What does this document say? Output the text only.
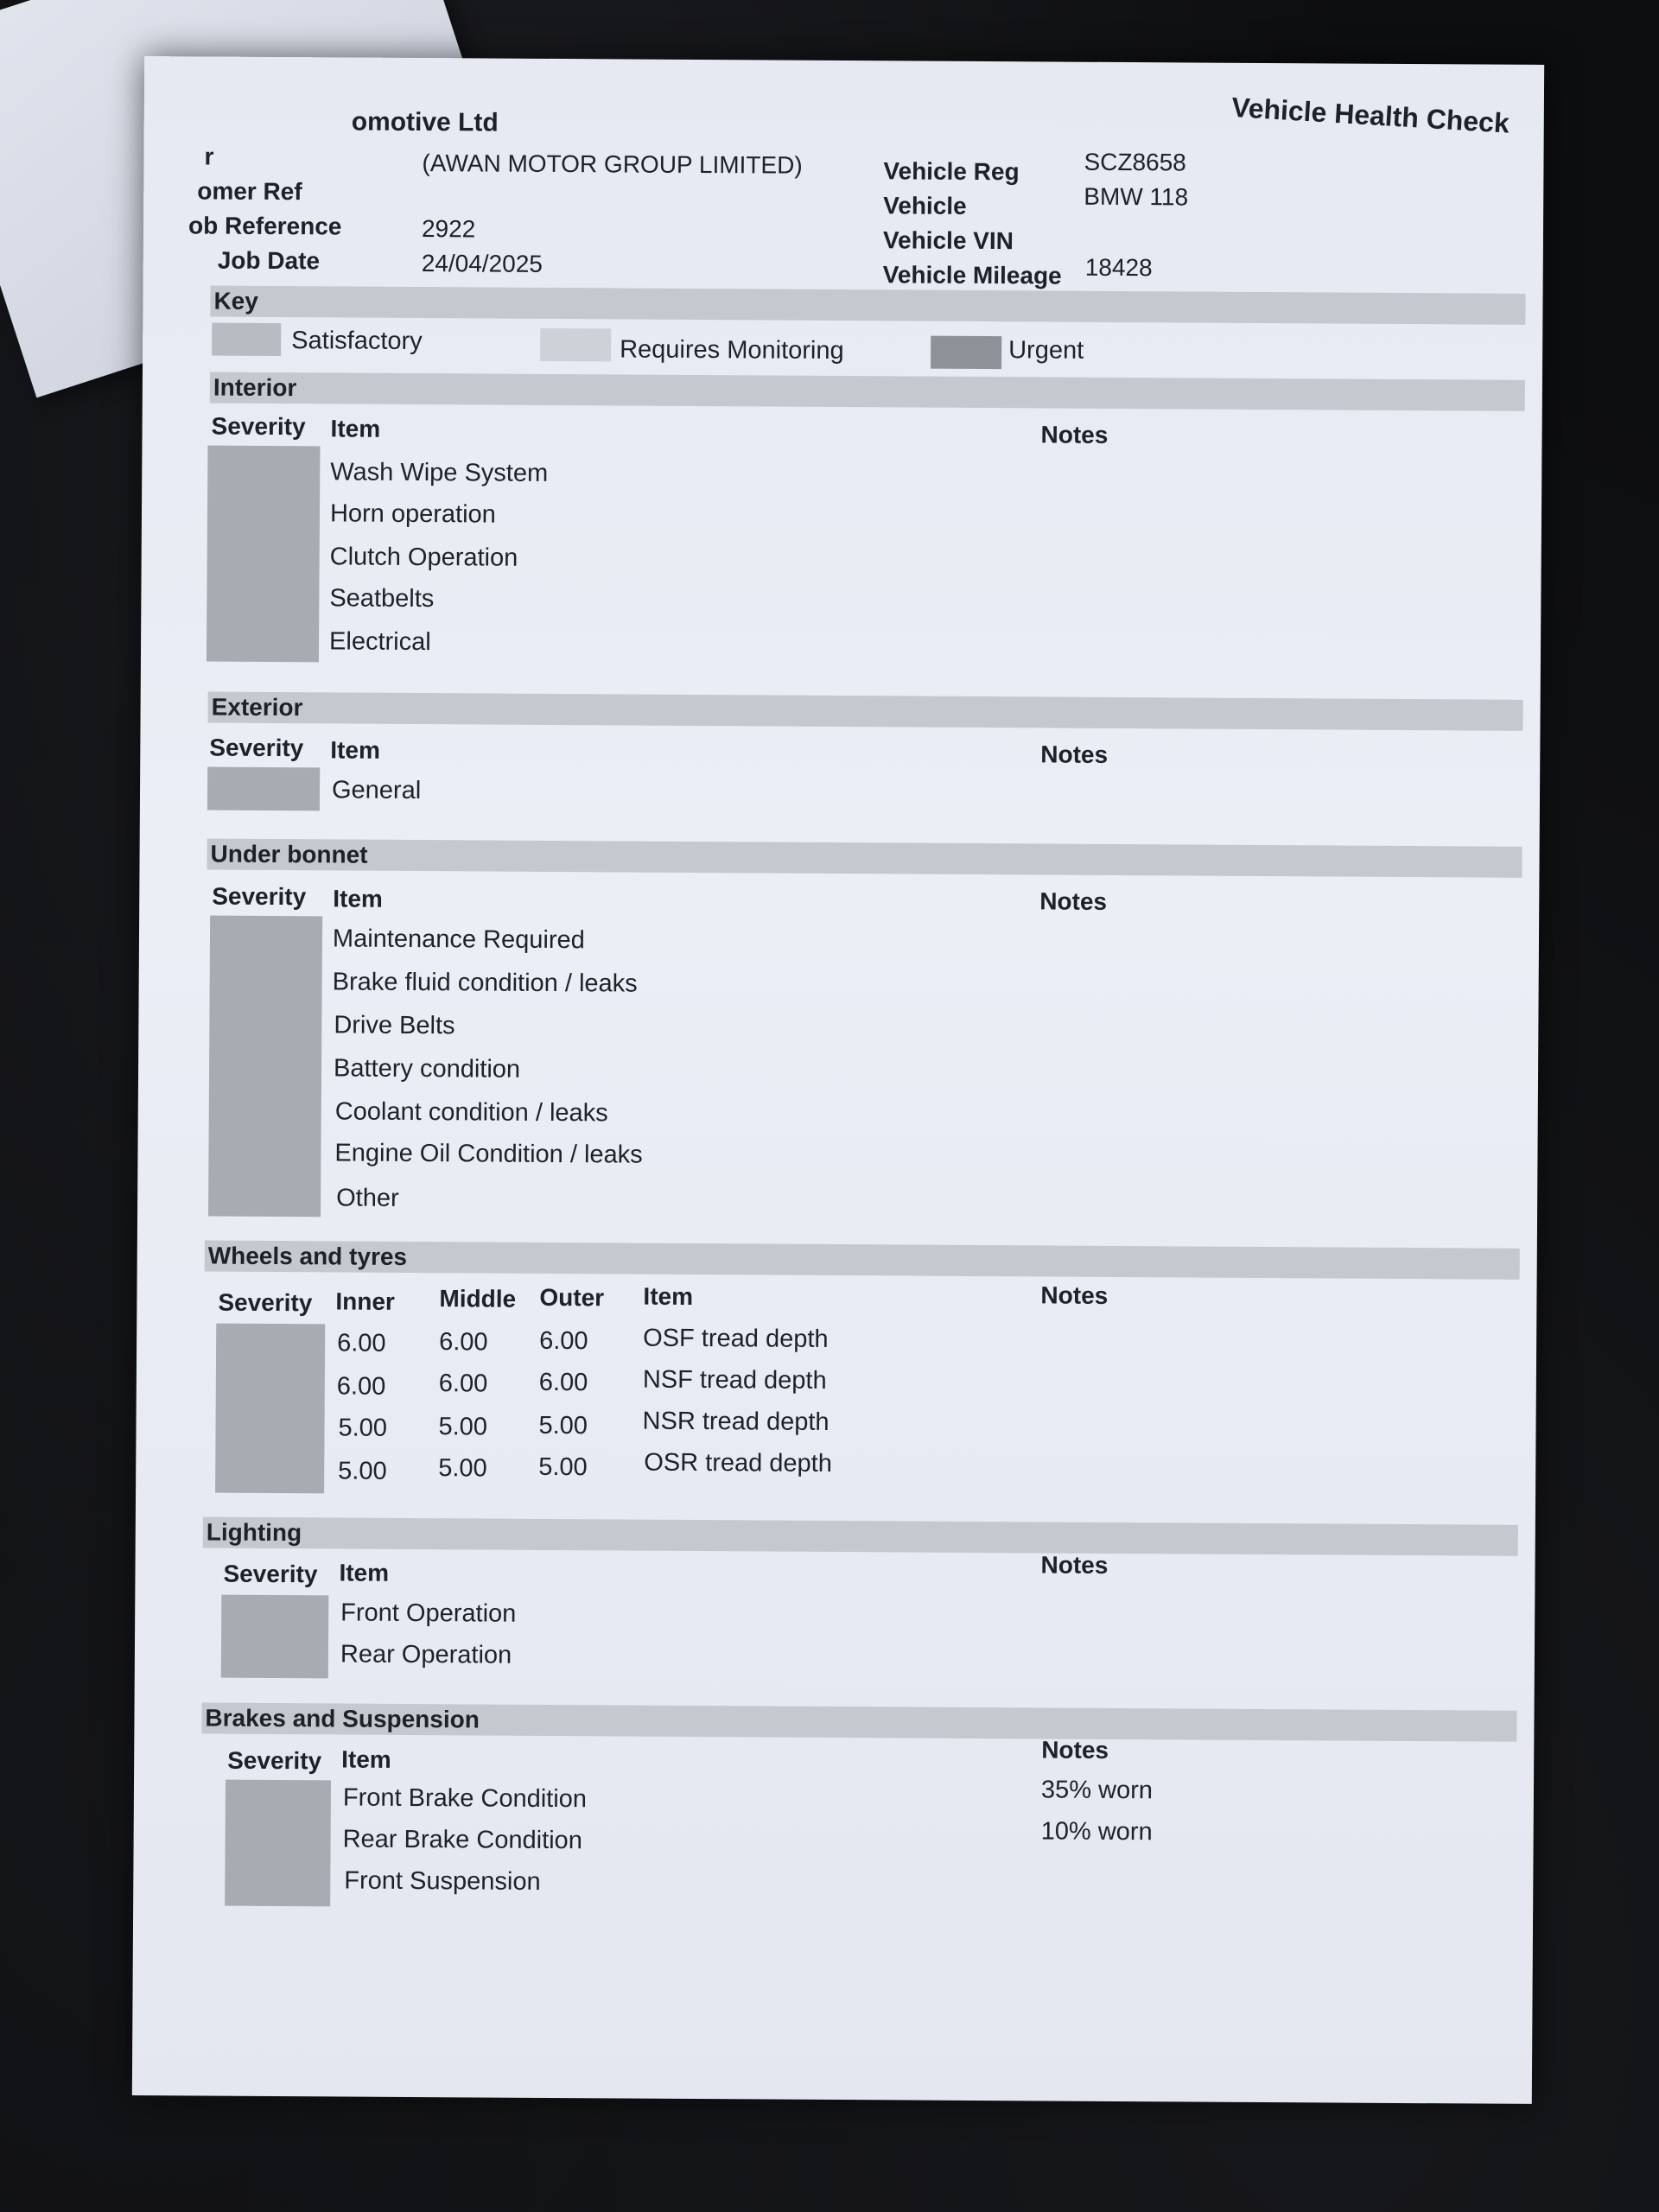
omotive Ltd	Vehicle Health Check
r	(AWAN MOTOR GROUP LIMITED)
omer Ref
ob Reference	2922
Job Date	24/04/2025
Vehicle Reg	SCZ8658
Vehicle	BMW 118
Vehicle VIN
Vehicle Mileage 18428
Key
Satisfactory	Requires Monitoring	Urgent
Interior
Severity Item	Notes
Wash Wipe System
Horn operation
Clutch Operation
Seatbelts
Electrical
Exterior
Severity Item	Notes
General
Under bonnet
Severity Item	Notes
Maintenance Required
Brake fluid condition / leaks
Drive Belts
Battery condition
Coolant condition / leaks
Engine Oil Condition / leaks
Other
Wheels and tyres
Severity Inner Middle Outer Item	Notes
6.00 6.00 6.00 OSF tread depth
6.00 6.00 6.00 NSF tread depth
5.00 5.00 5.00 NSR tread depth
5.00 5.00 5.00 OSR tread depth
Lighting
Severity Item	Notes
Front Operation
Rear Operation
Brakes and Suspension
Severity Item	Notes
Front Brake Condition	35% worn
Rear Brake Condition	10% worn
Front Suspension
